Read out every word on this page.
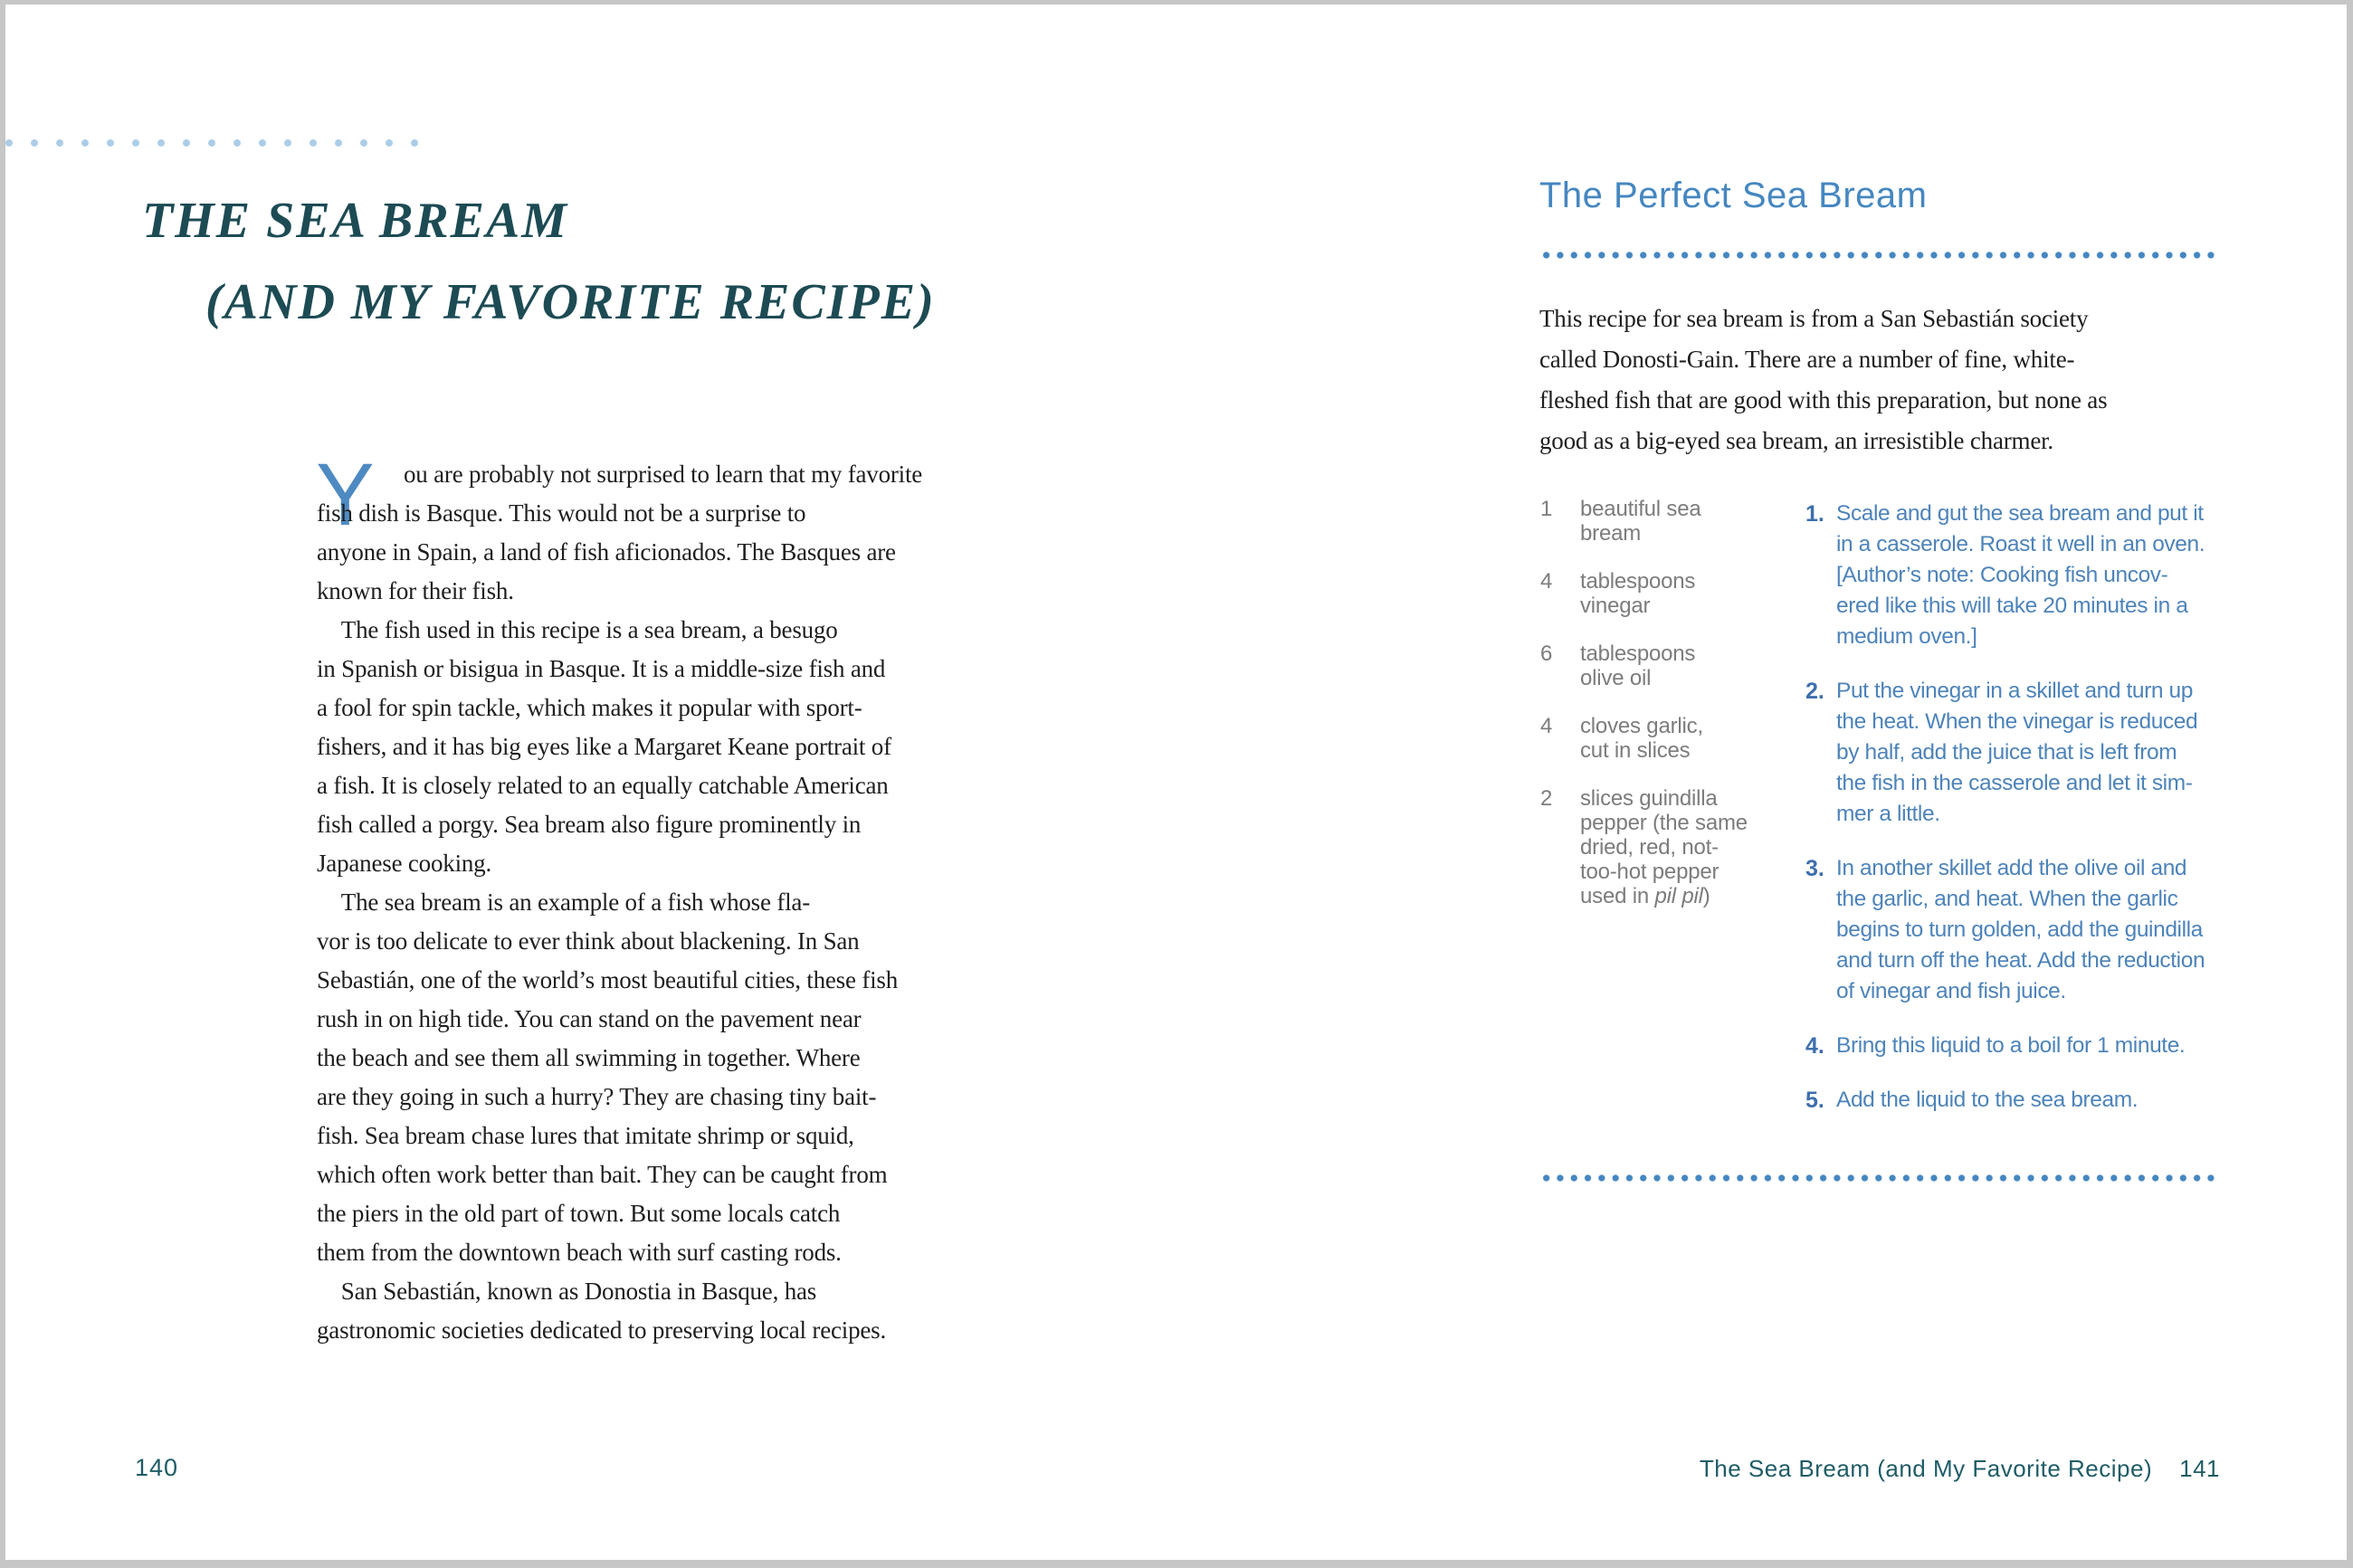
THE SEA BREAM
(AND MY FAVORITE RECIPE)
Y ou are probably not surprised to learn that my favorite
fish dish is Basque. This would not be a surprise to
anyone in Spain, a land of fish aficionados. The Basques are
known for their fish.
 The fish used in this recipe is a sea bream, a besugo
in Spanish or bisigua in Basque. It is a middle-size fish and
a fool for spin tackle, which makes it popular with sport-
fishers, and it has big eyes like a Margaret Keane portrait of
a fish. It is closely related to an equally catchable American
fish called a porgy. Sea bream also figure prominently in
Japanese cooking.
 The sea bream is an example of a fish whose fla-
vor is too delicate to ever think about blackening. In San
Sebastián, one of the world’s most beautiful cities, these fish
rush in on high tide. You can stand on the pavement near
the beach and see them all swimming in together. Where
are they going in such a hurry? They are chasing tiny bait-
fish. Sea bream chase lures that imitate shrimp or squid,
which often work better than bait. They can be caught from
the piers in the old part of town. But some locals catch
them from the downtown beach with surf casting rods.
 San Sebastián, known as Donostia in Basque, has
gastronomic societies dedicated to preserving local recipes.
140
The Perfect Sea Bream
This recipe for sea bream is from a San Sebastián society
called Donosti-Gain. There are a number of fine, white-
fleshed fish that are good with this preparation, but none as
good as a big-eyed sea bream, an irresistible charmer.
1	beautiful sea
bream
4	tablespoons
vinegar
6	tablespoons
olive oil
4	cloves garlic,
cut in slices
2	slices guindilla
pepper (the same
dried, red, not-
too-hot pepper
used in pil pil)
1. Scale and gut the sea bream and put it
in a casserole. Roast it well in an oven.
[Author’s note: Cooking fish uncov-
ered like this will take 20 minutes in a
medium oven.]
2. Put the vinegar in a skillet and turn up
the heat. When the vinegar is reduced
by half, add the juice that is left from
the fish in the casserole and let it sim-
mer a little.
3. In another skillet add the olive oil and
the garlic, and heat. When the garlic
begins to turn golden, add the guindilla
and turn off the heat. Add the reduction
of vinegar and fish juice.
4. Bring this liquid to a boil for 1 minute.
5. Add the liquid to the sea bream.
The Sea Bream (and My Favorite Recipe) 141
